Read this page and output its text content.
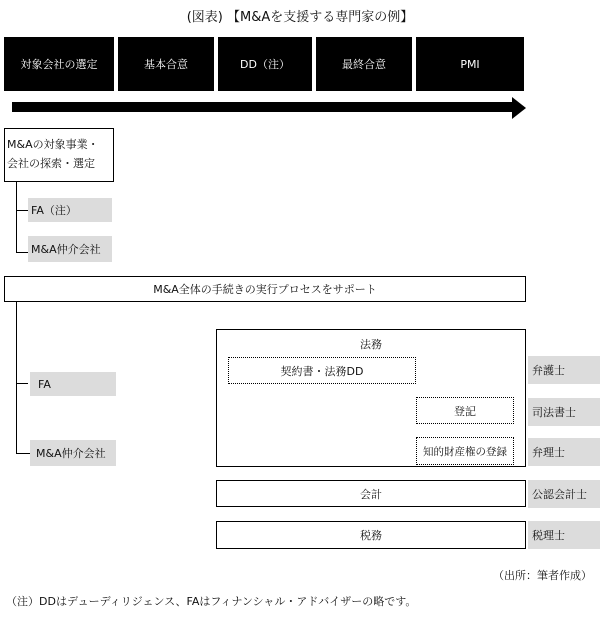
(図表) 【M&Aを支援する専門家の例】
対象会社の選定	基本合意	DD（注）	最終合意	PMI
M&Aの対象事業・
会社の探索・選定
FA（注）
M&A仲介会社
M&A全体の手続きの実行プロセスをサポート
FA
M&A仲介会社
法務
契約書・法務DD
登記
知的財産権の登録
会計
税務
弁護士
司法書士
弁理士
公認会計士
税理士
（出所：筆者作成）
（注）DDはデューディリジェンス、FAはフィナンシャル・アドバイザーの略です。
